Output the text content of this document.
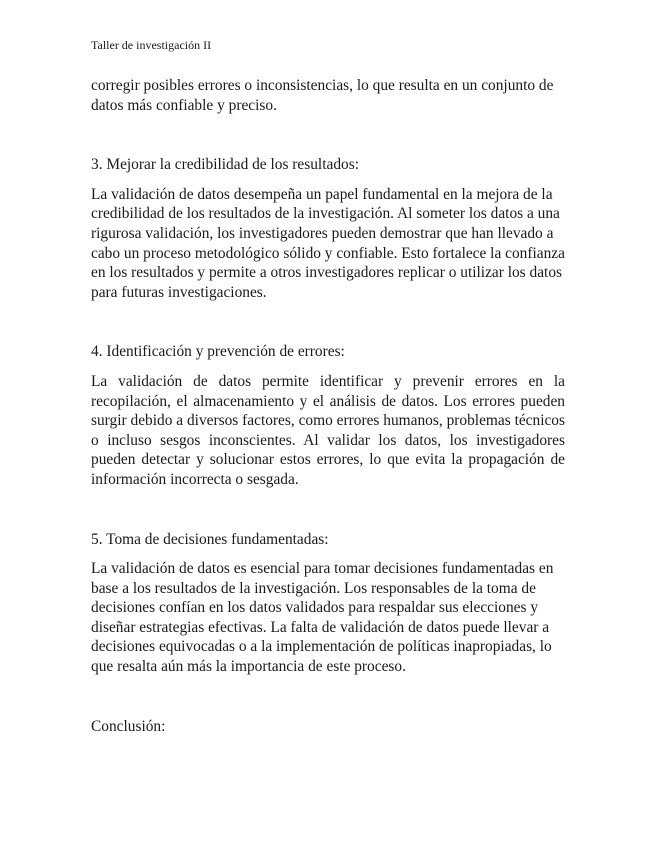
Taller de investigación II

corregir posibles errores o inconsistencias, lo que resulta en un conjunto de datos más confiable y preciso.

3. Mejorar la credibilidad de los resultados:

La validación de datos desempeña un papel fundamental en la mejora de la credibilidad de los resultados de la investigación. Al someter los datos a una rigurosa validación, los investigadores pueden demostrar que han llevado a cabo un proceso metodológico sólido y confiable. Esto fortalece la confianza en los resultados y permite a otros investigadores replicar o utilizar los datos para futuras investigaciones.

4. Identificación y prevención de errores:

La validación de datos permite identificar y prevenir errores en la recopilación, el almacenamiento y el análisis de datos. Los errores pueden surgir debido a diversos factores, como errores humanos, problemas técnicos o incluso sesgos inconscientes. Al validar los datos, los investigadores pueden detectar y solucionar estos errores, lo que evita la propagación de información incorrecta o sesgada.

5. Toma de decisiones fundamentadas:

La validación de datos es esencial para tomar decisiones fundamentadas en base a los resultados de la investigación. Los responsables de la toma de decisiones confían en los datos validados para respaldar sus elecciones y diseñar estrategias efectivas. La falta de validación de datos puede llevar a decisiones equivocadas o a la implementación de políticas inapropiadas, lo que resalta aún más la importancia de este proceso.

Conclusión:
